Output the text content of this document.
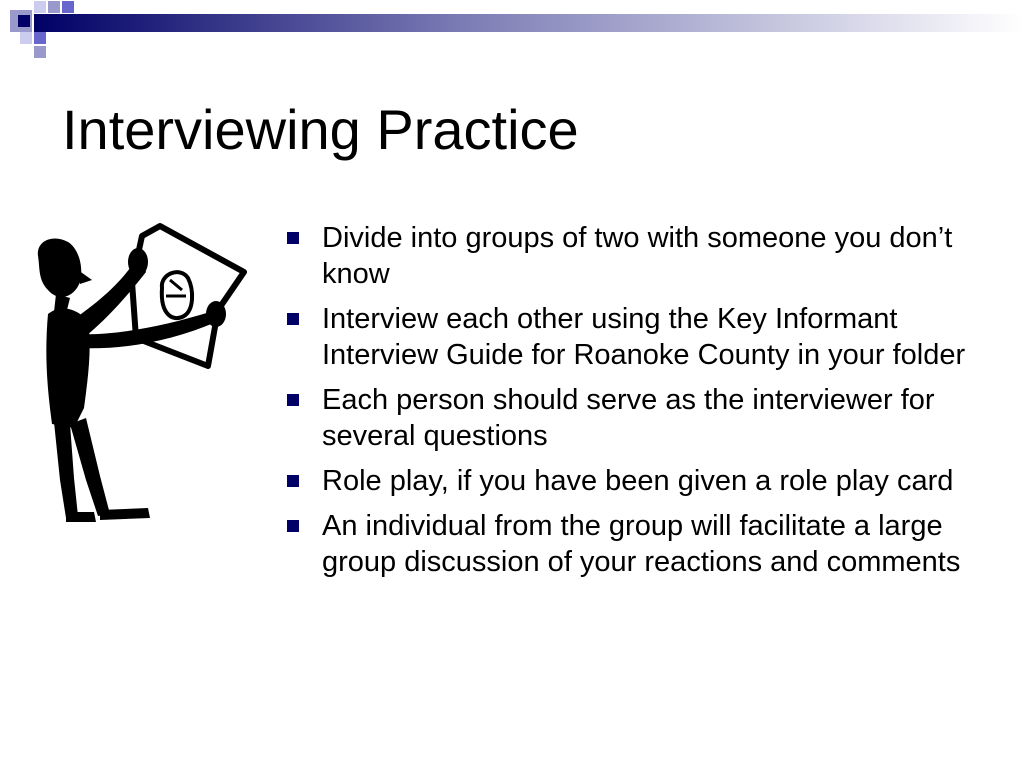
Interviewing Practice
Divide into groups of two with someone you don’t know
Interview each other using the Key Informant Interview Guide for Roanoke County in your folder
Each person should serve as the interviewer for several questions
Role play, if you have been given a role play card
An individual from the group will facilitate a large group discussion of your reactions and comments
